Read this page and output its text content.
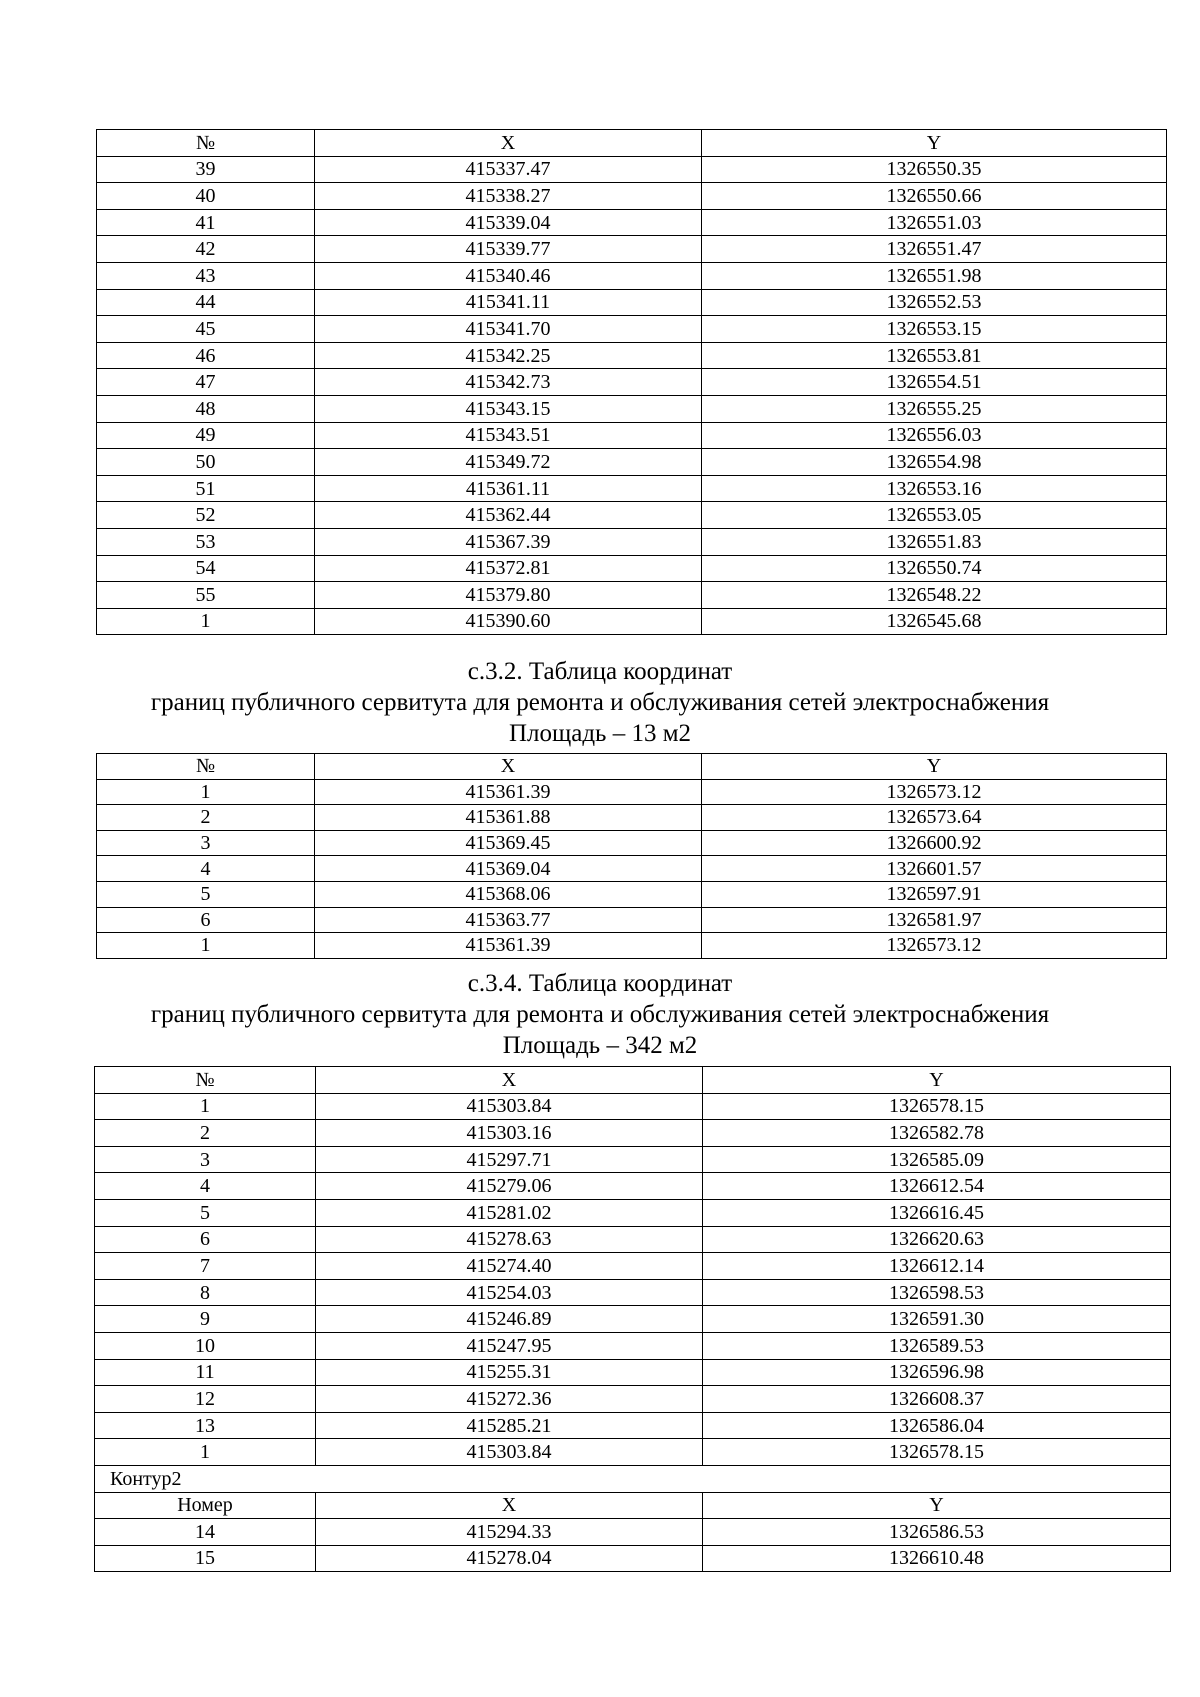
№	X	Y
39	415337.47	1326550.35
40	415338.27	1326550.66
41	415339.04	1326551.03
42	415339.77	1326551.47
43	415340.46	1326551.98
44	415341.11	1326552.53
45	415341.70	1326553.15
46	415342.25	1326553.81
47	415342.73	1326554.51
48	415343.15	1326555.25
49	415343.51	1326556.03
50	415349.72	1326554.98
51	415361.11	1326553.16
52	415362.44	1326553.05
53	415367.39	1326551.83
54	415372.81	1326550.74
55	415379.80	1326548.22
1	415390.60	1326545.68
с.3.2. Таблица координат
границ публичного сервитута для ремонта и обслуживания сетей электроснабжения
Площадь – 13 м2
№	X	Y
1	415361.39	1326573.12
2	415361.88	1326573.64
3	415369.45	1326600.92
4	415369.04	1326601.57
5	415368.06	1326597.91
6	415363.77	1326581.97
1	415361.39	1326573.12
с.3.4. Таблица координат
границ публичного сервитута для ремонта и обслуживания сетей электроснабжения
Площадь – 342 м2
№	X	Y
1	415303.84	1326578.15
2	415303.16	1326582.78
3	415297.71	1326585.09
4	415279.06	1326612.54
5	415281.02	1326616.45
6	415278.63	1326620.63
7	415274.40	1326612.14
8	415254.03	1326598.53
9	415246.89	1326591.30
10	415247.95	1326589.53
11	415255.31	1326596.98
12	415272.36	1326608.37
13	415285.21	1326586.04
1	415303.84	1326578.15
Контур2		
Номер	X	Y
14	415294.33	1326586.53
15	415278.04	1326610.48
